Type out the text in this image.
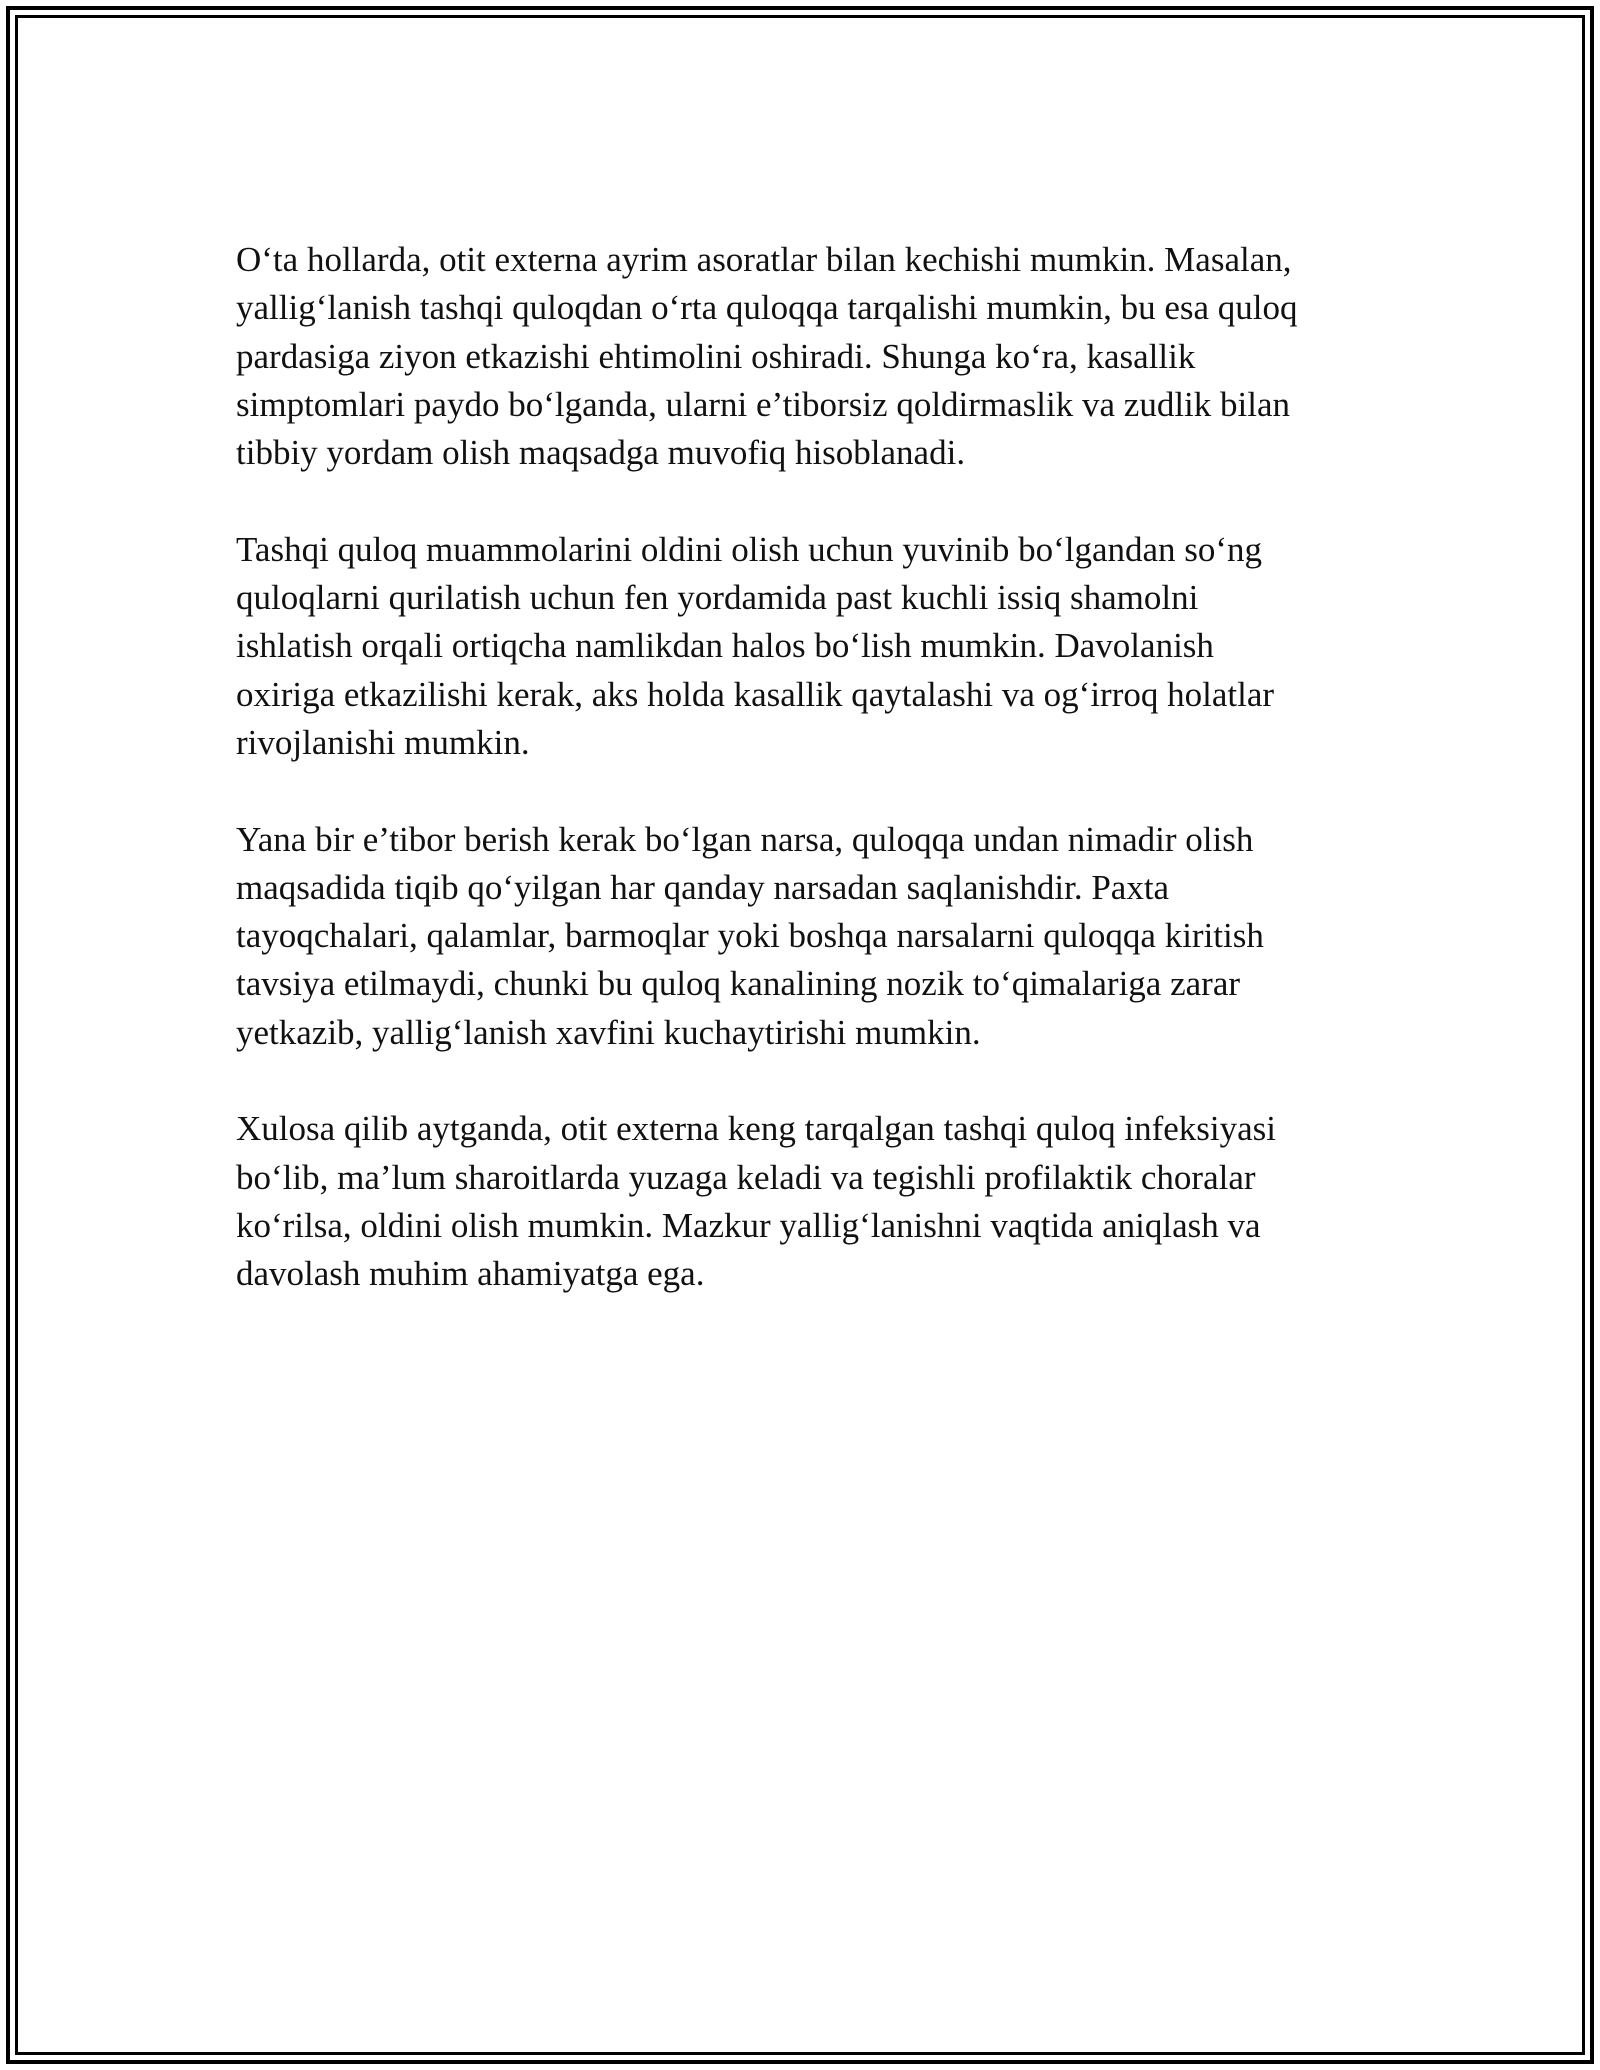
O‘ta hollarda, otit externa ayrim asoratlar bilan kechishi mumkin. Masalan,
yallig‘lanish tashqi quloqdan o‘rta quloqqa tarqalishi mumkin, bu esa quloq
pardasiga ziyon etkazishi ehtimolini oshiradi. Shunga ko‘ra, kasallik
simptomlari paydo bo‘lganda, ularni e’tiborsiz qoldirmaslik va zudlik bilan
tibbiy yordam olish maqsadga muvofiq hisoblanadi.

Tashqi quloq muammolarini oldini olish uchun yuvinib bo‘lgandan so‘ng
quloqlarni qurilatish uchun fen yordamida past kuchli issiq shamolni
ishlatish orqali ortiqcha namlikdan halos bo‘lish mumkin. Davolanish
oxiriga etkazilishi kerak, aks holda kasallik qaytalashi va og‘irroq holatlar
rivojlanishi mumkin.

Yana bir e’tibor berish kerak bo‘lgan narsa, quloqqa undan nimadir olish
maqsadida tiqib qo‘yilgan har qanday narsadan saqlanishdir. Paxta
tayoqchalari, qalamlar, barmoqlar yoki boshqa narsalarni quloqqa kiritish
tavsiya etilmaydi, chunki bu quloq kanalining nozik to‘qimalariga zarar
yetkazib, yallig‘lanish xavfini kuchaytirishi mumkin.

Xulosa qilib aytganda, otit externa keng tarqalgan tashqi quloq infeksiyasi
bo‘lib, ma’lum sharoitlarda yuzaga keladi va tegishli profilaktik choralar
ko‘rilsa, oldini olish mumkin. Mazkur yallig‘lanishni vaqtida aniqlash va
davolash muhim ahamiyatga ega.
